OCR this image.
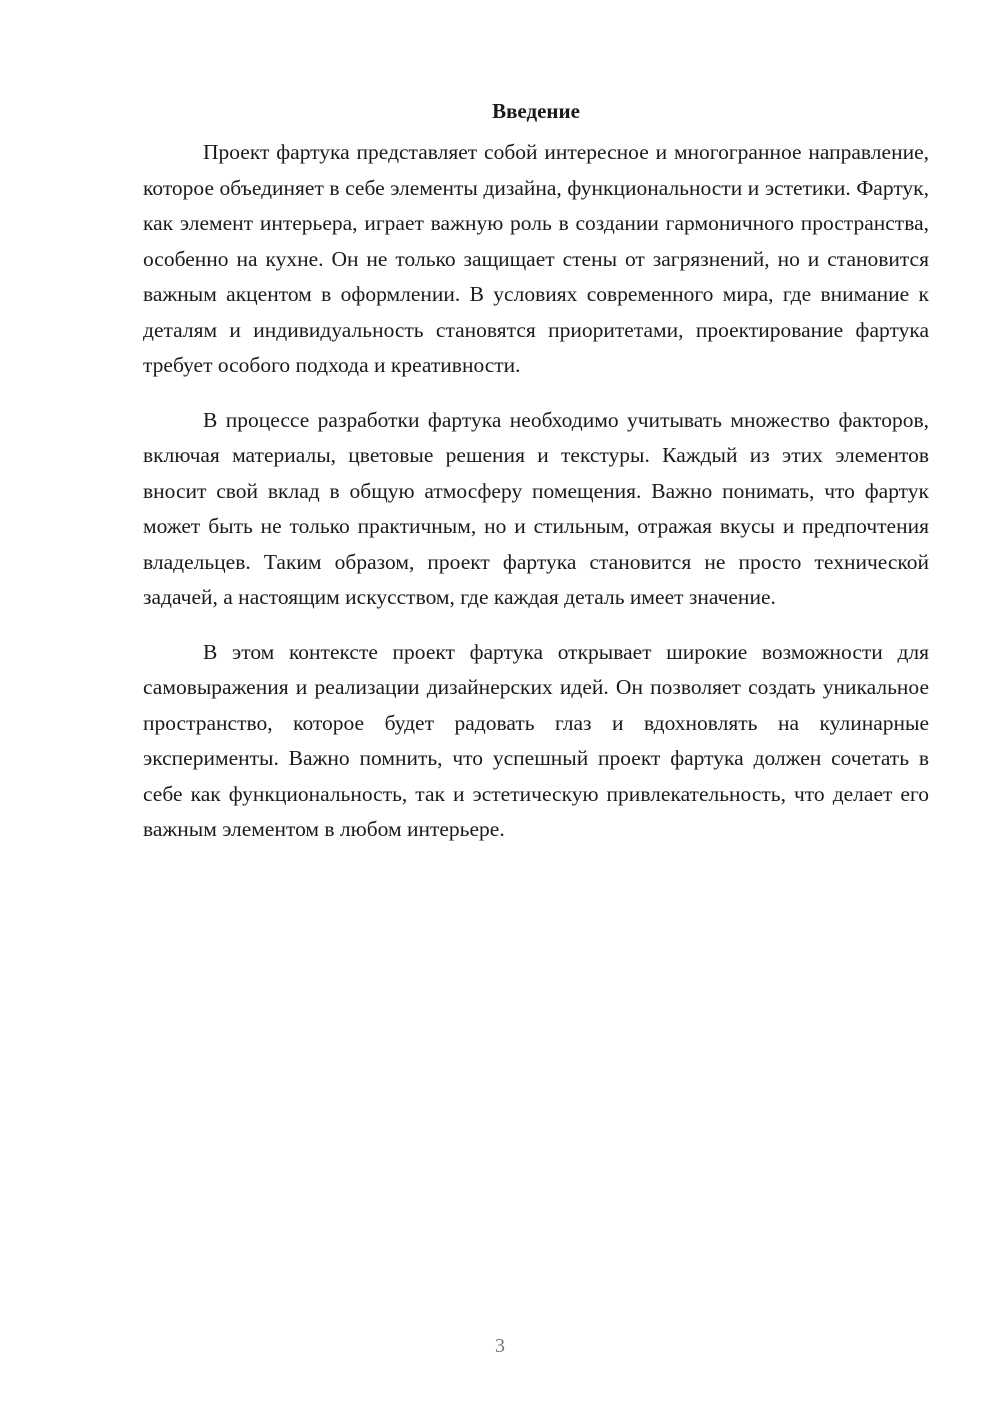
Введение

Проект фартука представляет собой интересное и многогранное направление, которое объединяет в себе элементы дизайна, функциональности и эстетики. Фартук, как элемент интерьера, играет важную роль в создании гармоничного пространства, особенно на кухне. Он не только защищает стены от загрязнений, но и становится важным акцентом в оформлении. В условиях современного мира, где внимание к деталям и индивидуальность становятся приоритетами, проектирование фартука требует особого подхода и креативности.

В процессе разработки фартука необходимо учитывать множество факторов, включая материалы, цветовые решения и текстуры. Каждый из этих элементов вносит свой вклад в общую атмосферу помещения. Важно понимать, что фартук может быть не только практичным, но и стильным, отражая вкусы и предпочтения владельцев. Таким образом, проект фартука становится не просто технической задачей, а настоящим искусством, где каждая деталь имеет значение.

В этом контексте проект фартука открывает широкие возможности для самовыражения и реализации дизайнерских идей. Он позволяет создать уникальное пространство, которое будет радовать глаз и вдохновлять на кулинарные эксперименты. Важно помнить, что успешный проект фартука должен сочетать в себе как функциональность, так и эстетическую привлекательность, что делает его важным элементом в любом интерьере.

3
